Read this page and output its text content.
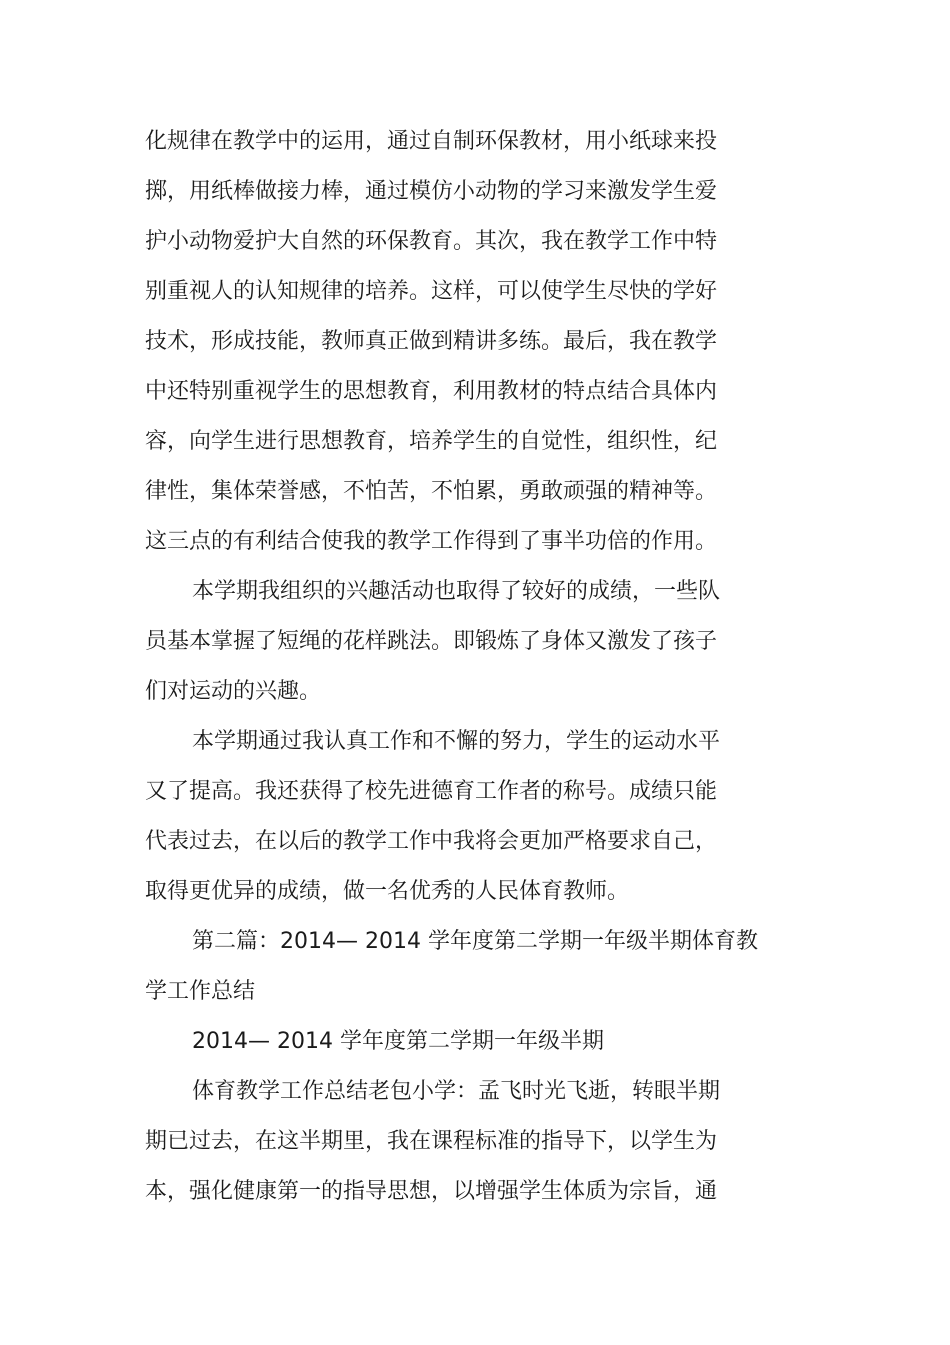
化规律在教学中的运用，通过自制环保教材，用小纸球来投
掷，用纸棒做接力棒，通过模仿小动物的学习来激发学生爱
护小动物爱护大自然的环保教育。其次，我在教学工作中特
别重视人的认知规律的培养。这样，可以使学生尽快的学好
技术，形成技能，教师真正做到精讲多练。最后，我在教学
中还特别重视学生的思想教育，利用教材的特点结合具体内
容，向学生进行思想教育，培养学生的自觉性，组织性，纪
律性，集体荣誉感，不怕苦，不怕累，勇敢顽强的精神等。
这三点的有利结合使我的教学工作得到了事半功倍的作用。
本学期我组织的兴趣活动也取得了较好的成绩，一些队
员基本掌握了短绳的花样跳法。即锻炼了身体又激发了孩子
们对运动的兴趣。
本学期通过我认真工作和不懈的努力，学生的运动水平
又了提高。我还获得了校先进德育工作者的称号。成绩只能
代表过去，在以后的教学工作中我将会更加严格要求自己，
取得更优异的成绩，做一名优秀的人民体育教师。
第二篇：2014— 2014 学年度第二学期一年级半期体育教
学工作总结
2014— 2014 学年度第二学期一年级半期
体育教学工作总结老包小学：孟飞时光飞逝，转眼半期
期已过去，在这半期里，我在课程标准的指导下，以学生为
本，强化健康第一的指导思想，以增强学生体质为宗旨，通
